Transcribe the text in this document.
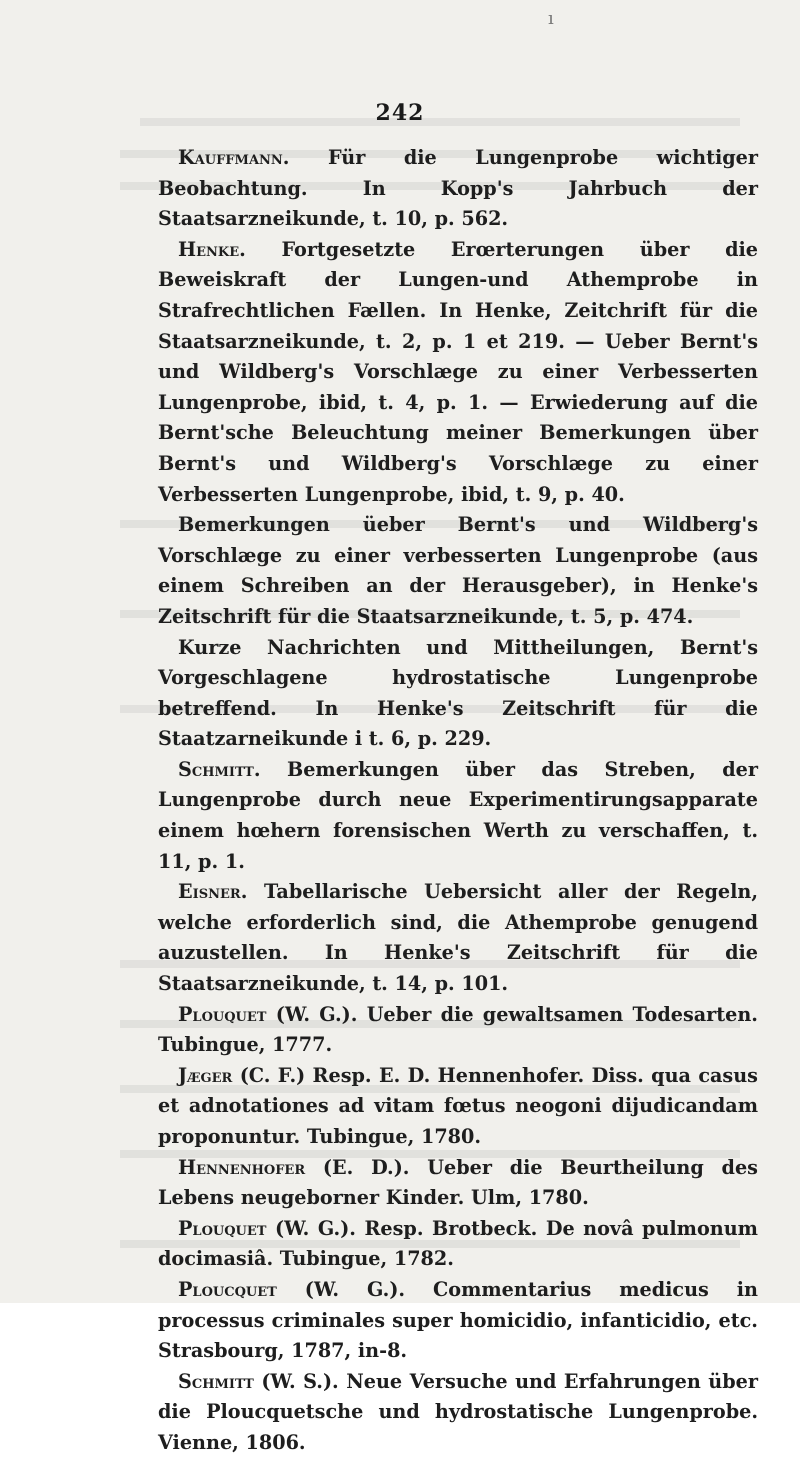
ı
242

Kauffmann. Für die Lungenprobe wichtiger Beobachtung. In Kopp's Jahrbuch der Staatsarzneikunde, t. 10, p. 562.

Henke. Fortgesetzte Erœrterungen über die Beweiskraft der Lungen-und Athemprobe in Strafrechtlichen Fællen. In Henke, Zeitchrift für die Staatsarzneikunde, t. 2, p. 1 et 219. — Ueber Bernt's und Wildberg's Vorschlæge zu einer Verbesserten Lungenprobe, ibid, t. 4, p. 1. — Erwiederung auf die Bernt'sche Beleuchtung meiner Bemerkungen über Bernt's und Wildberg's Vorschlæge zu einer Verbesserten Lungenprobe, ibid, t. 9, p. 40.

Bemerkungen üeber Bernt's und Wildberg's Vorschlæge zu einer verbesserten Lungenprobe (aus einem Schreiben an der Herausgeber), in Henke's Zeitschrift für die Staatsarzneikunde, t. 5, p. 474.

Kurze Nachrichten und Mittheilungen, Bernt's Vorgeschlagene hydrostatische Lungenprobe betreffend. In Henke's Zeitschrift für die Staatzarneikunde i t. 6, p. 229.

Schmitt. Bemerkungen über das Streben, der Lungenprobe durch neue Experimentirungsapparate einem hœhern forensischen Werth zu verschaffen, t. 11, p. 1.

Eisner. Tabellarische Uebersicht aller der Regeln, welche erforderlich sind, die Athemprobe genugend auzustellen. In Henke's Zeitschrift für die Staatsarzneikunde, t. 14, p. 101.

Plouquet (W. G.). Ueber die gewaltsamen Todesarten. Tubingue, 1777.

Jæger (C. F.) Resp. E. D. Hennenhofer. Diss. qua casus et adnotationes ad vitam fœtus neogoni dijudicandam proponuntur. Tubingue, 1780.

Hennenhofer (E. D.). Ueber die Beurtheilung des Lebens neugeborner Kinder. Ulm, 1780.

Plouquet (W. G.). Resp. Brotbeck. De novâ pulmonum docimasiâ. Tubingue, 1782.

Ploucquet (W. G.). Commentarius medicus in processus criminales super homicidio, infanticidio, etc. Strasbourg, 1787, in-8.

Schmitt (W. S.). Neue Versuche und Erfahrungen über die Ploucquetsche und hydrostatische Lungenprobe. Vienne, 1806.
